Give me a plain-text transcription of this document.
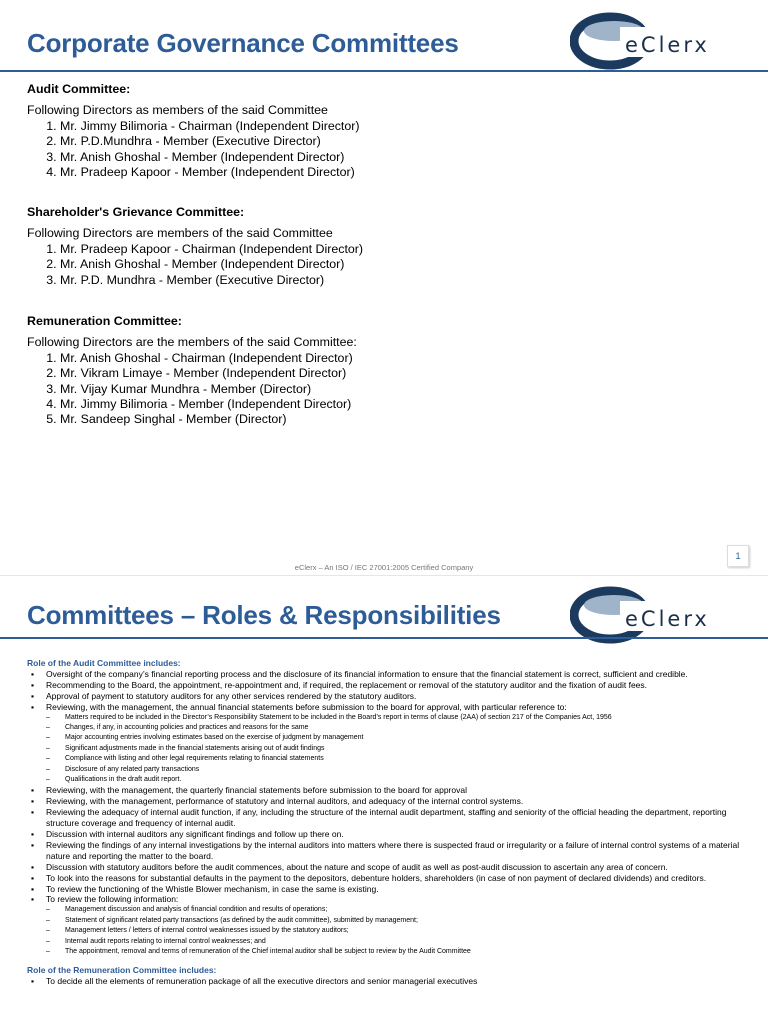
Corporate Governance Committees	eClerx
Audit Committee:
Following Directors as members of the said Committee
1. Mr. Jimmy Bilimoria - Chairman (Independent Director)
2. Mr. P.D.Mundhra - Member (Executive Director)
3. Mr. Anish Ghoshal - Member (Independent Director)
4. Mr. Pradeep Kapoor - Member (Independent Director)
Shareholder's Grievance Committee:
Following Directors are members of the said Committee
1. Mr. Pradeep Kapoor - Chairman (Independent Director)
2. Mr. Anish Ghoshal - Member (Independent Director)
3. Mr. P.D. Mundhra - Member (Executive Director)
Remuneration Committee:
Following Directors are the members of the said Committee:
1. Mr. Anish Ghoshal - Chairman (Independent Director)
2. Mr. Vikram Limaye - Member (Independent Director)
3. Mr. Vijay Kumar Mundhra - Member (Director)
4. Mr. Jimmy Bilimoria - Member (Independent Director)
5. Mr. Sandeep Singhal - Member (Director)
1
eClerx – An ISO / IEC 27001:2005 Certified Company
Committees – Roles & Responsibilities	eClerx
Role of the Audit Committee includes:
▪ Oversight of the company’s financial reporting process and the disclosure of its financial information to ensure that the financial statement is correct, sufficient and credible.
▪ Recommending to the Board, the appointment, re-appointment and, if required, the replacement or removal of the statutory auditor and the fixation of audit fees.
▪ Approval of payment to statutory auditors for any other services rendered by the statutory auditors.
▪ Reviewing, with the management, the annual financial statements before submission to the board for approval, with particular reference to:
– Matters required to be included in the Director’s Responsibility Statement to be included in the Board’s report in terms of clause (2AA) of section 217 of the Companies Act, 1956
– Changes, if any, in accounting policies and practices and reasons for the same
– Major accounting entries involving estimates based on the exercise of judgment by management
– Significant adjustments made in the financial statements arising out of audit findings
– Compliance with listing and other legal requirements relating to financial statements
– Disclosure of any related party transactions
– Qualifications in the draft audit report.
▪ Reviewing, with the management, the quarterly financial statements before submission to the board for approval
▪ Reviewing, with the management, performance of statutory and internal auditors, and adequacy of the internal control systems.
▪ Reviewing the adequacy of internal audit function, if any, including the structure of the internal audit department, staffing and seniority of the official heading the department, reporting structure coverage and frequency of internal audit.
▪ Discussion with internal auditors any significant findings and follow up there on.
▪ Reviewing the findings of any internal investigations by the internal auditors into matters where there is suspected fraud or irregularity or a failure of internal control systems of a material nature and reporting the matter to the board.
▪ Discussion with statutory auditors before the audit commences, about the nature and scope of audit as well as post-audit discussion to ascertain any area of concern.
▪ To look into the reasons for substantial defaults in the payment to the depositors, debenture holders, shareholders (in case of non payment of declared dividends) and creditors.
▪ To review the functioning of the Whistle Blower mechanism, in case the same is existing.
▪ To review the following information:
– Management discussion and analysis of financial condition and results of operations;
– Statement of significant related party transactions (as defined by the audit committee), submitted by management;
– Management letters / letters of internal control weaknesses issued by the statutory auditors;
– Internal audit reports relating to internal control weaknesses; and
– The appointment, removal and terms of remuneration of the Chief internal auditor shall be subject to review by the Audit Committee
Role of the Remuneration Committee includes:
▪ To decide all the elements of remuneration package of all the executive directors and senior managerial executives
